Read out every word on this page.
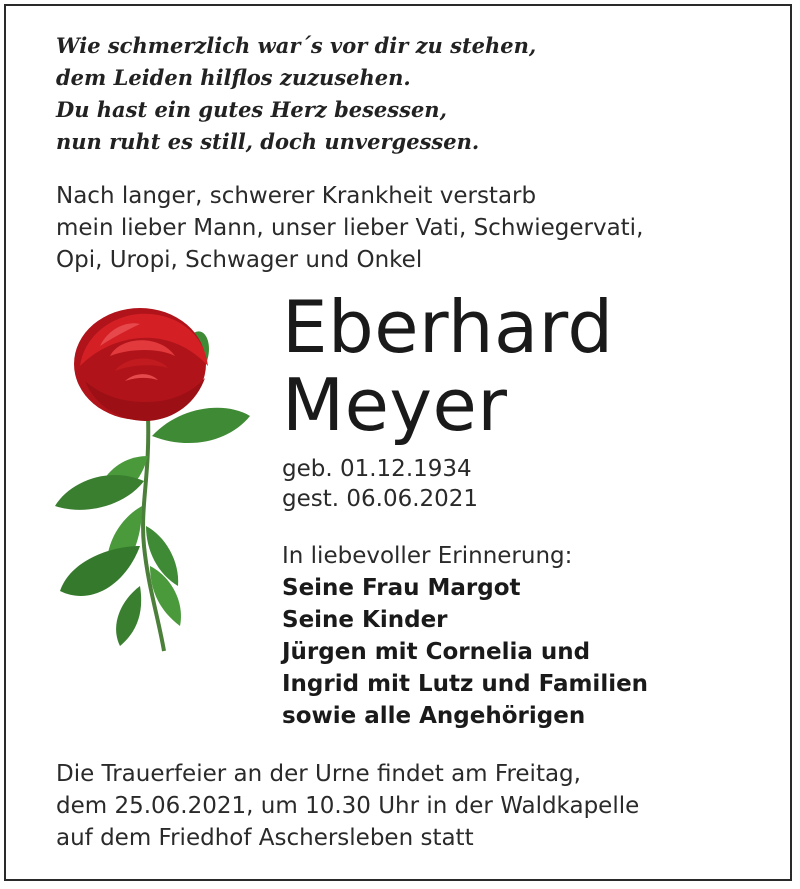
Wie schmerzlich war´s vor dir zu stehen,
dem Leiden hilflos zuzusehen.
Du hast ein gutes Herz besessen,
nun ruht es still, doch unvergessen.
Nach langer, schwerer Krankheit verstarb
mein lieber Mann, unser lieber Vati, Schwiegervati,
Opi, Uropi, Schwager und Onkel
Eberhard
Meyer
geb. 01.12.1934
gest. 06.06.2021
In liebevoller Erinnerung:
Seine Frau Margot
Seine Kinder
Jürgen mit Cornelia und
Ingrid mit Lutz und Familien
sowie alle Angehörigen
Die Trauerfeier an der Urne findet am Freitag,
dem 25.06.2021, um 10.30 Uhr in der Waldkapelle
auf dem Friedhof Aschersleben statt
